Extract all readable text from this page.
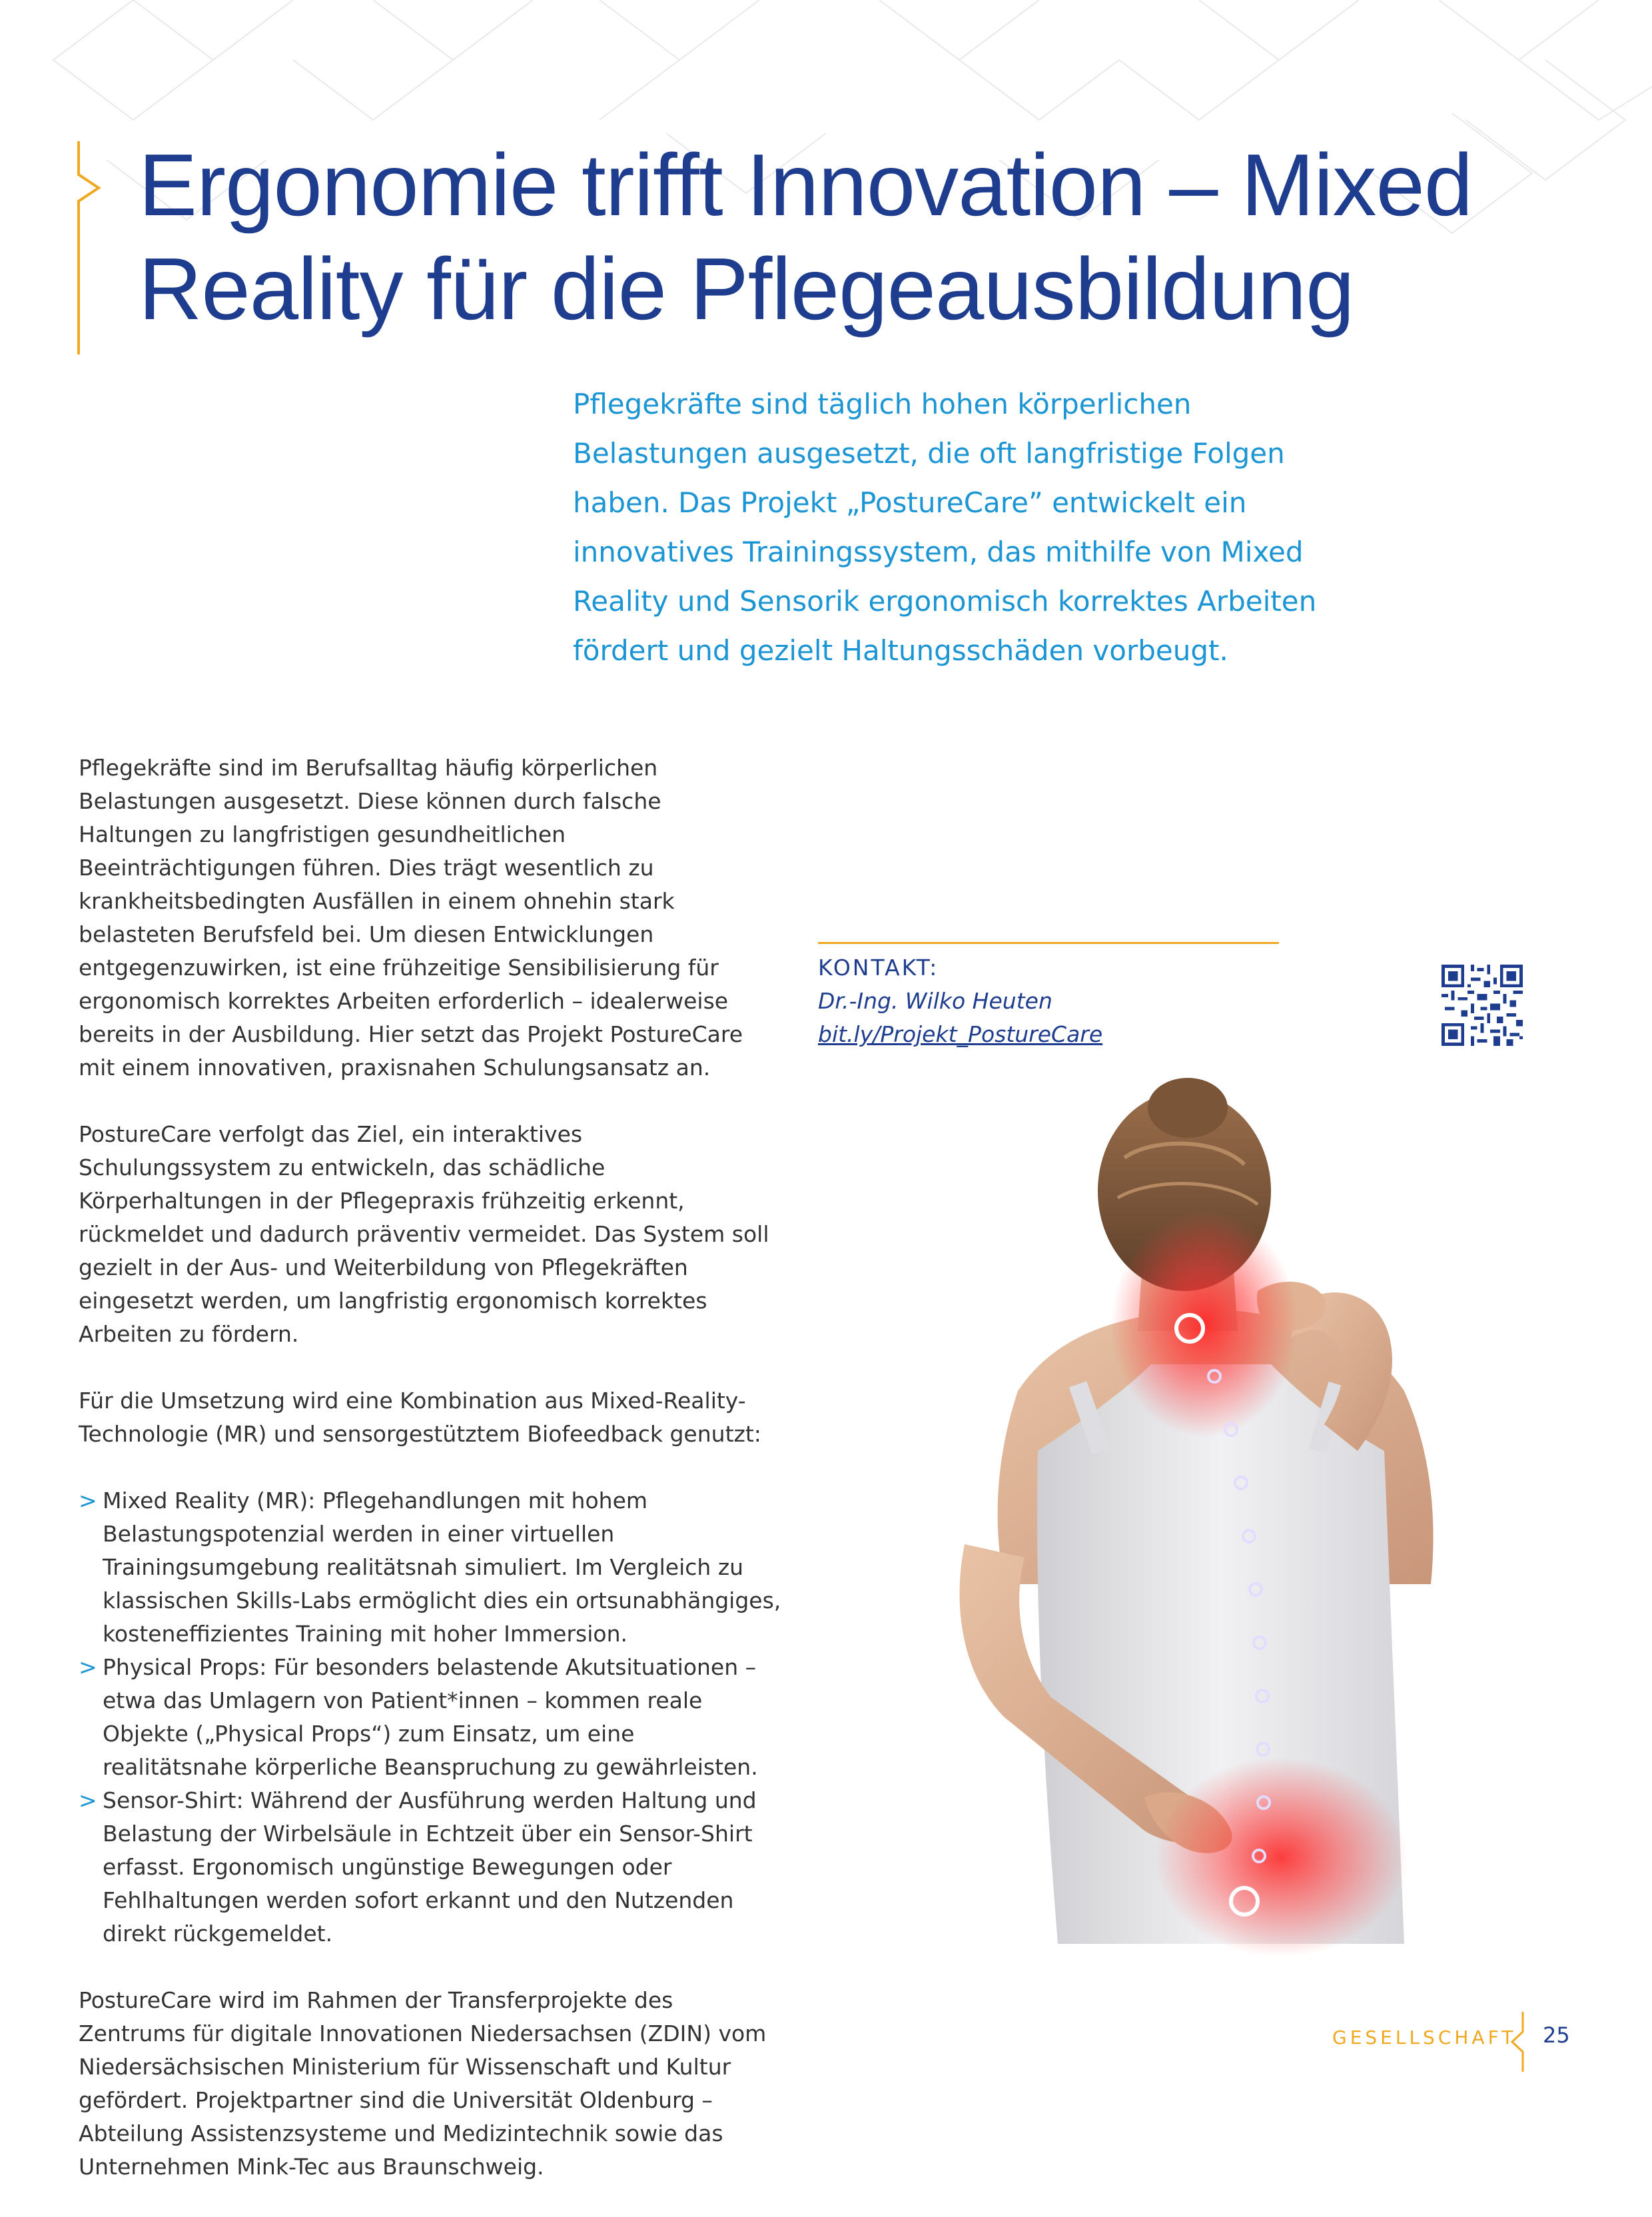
Ergonomie trifft Innovation – Mixed Reality für die Pflegeausbildung

Pflegekräfte sind täglich hohen körperlichen Belastungen ausgesetzt, die oft langfristige Folgen haben. Das Projekt „PostureCare” entwickelt ein innovatives Trainingssystem, das mithilfe von Mixed Reality und Sensorik ergonomisch korrektes Arbeiten fördert und gezielt Haltungsschäden vorbeugt.

Pflegekräfte sind im Berufsalltag häufig körperlichen Belastungen ausgesetzt. Diese können durch falsche Haltungen zu langfristigen gesundheitlichen Beeinträchtigungen führen. Dies trägt wesentlich zu krankheitsbedingten Ausfällen in einem ohnehin stark belasteten Berufsfeld bei. Um diesen Entwicklungen entgegenzuwirken, ist eine frühzeitige Sensibilisierung für ergonomisch korrektes Arbeiten erforderlich – idealerweise bereits in der Ausbildung. Hier setzt das Projekt PostureCare mit einem innovativen, praxisnahen Schulungsansatz an.

PostureCare verfolgt das Ziel, ein interaktives Schulungssystem zu entwickeln, das schädliche Körperhaltungen in der Pflegepraxis frühzeitig erkennt, rückmeldet und dadurch präventiv vermeidet. Das System soll gezielt in der Aus- und Weiterbildung von Pflegekräften eingesetzt werden, um langfristig ergonomisch korrektes Arbeiten zu fördern.

Für die Umsetzung wird eine Kombination aus Mixed-Reality-Technologie (MR) und sensorgestütztem Biofeedback genutzt:

> Mixed Reality (MR): Pflegehandlungen mit hohem Belastungspotenzial werden in einer virtuellen Trainingsumgebung realitätsnah simuliert. Im Vergleich zu klassischen Skills-Labs ermöglicht dies ein ortsunabhängiges, kosteneffizientes Training mit hoher Immersion.
> Physical Props: Für besonders belastende Akutsituationen – etwa das Umlagern von Patient*innen – kommen reale Objekte („Physical Props“) zum Einsatz, um eine realitätsnahe körperliche Beanspruchung zu gewährleisten.
> Sensor-Shirt: Während der Ausführung werden Haltung und Belastung der Wirbelsäule in Echtzeit über ein Sensor-Shirt erfasst. Ergonomisch ungünstige Bewegungen oder Fehlhaltungen werden sofort erkannt und den Nutzenden direkt rückgemeldet.

PostureCare wird im Rahmen der Transferprojekte des Zentrums für digitale Innovationen Niedersachsen (ZDIN) vom Niedersächsischen Ministerium für Wissenschaft und Kultur gefördert. Projektpartner sind die Universität Oldenburg – Abteilung Assistenzsysteme und Medizintechnik sowie das Unternehmen Mink-Tec aus Braunschweig.

KONTAKT:
Dr.-Ing. Wilko Heuten
bit.ly/Projekt_PostureCare
GESELLSCHAFT 25
